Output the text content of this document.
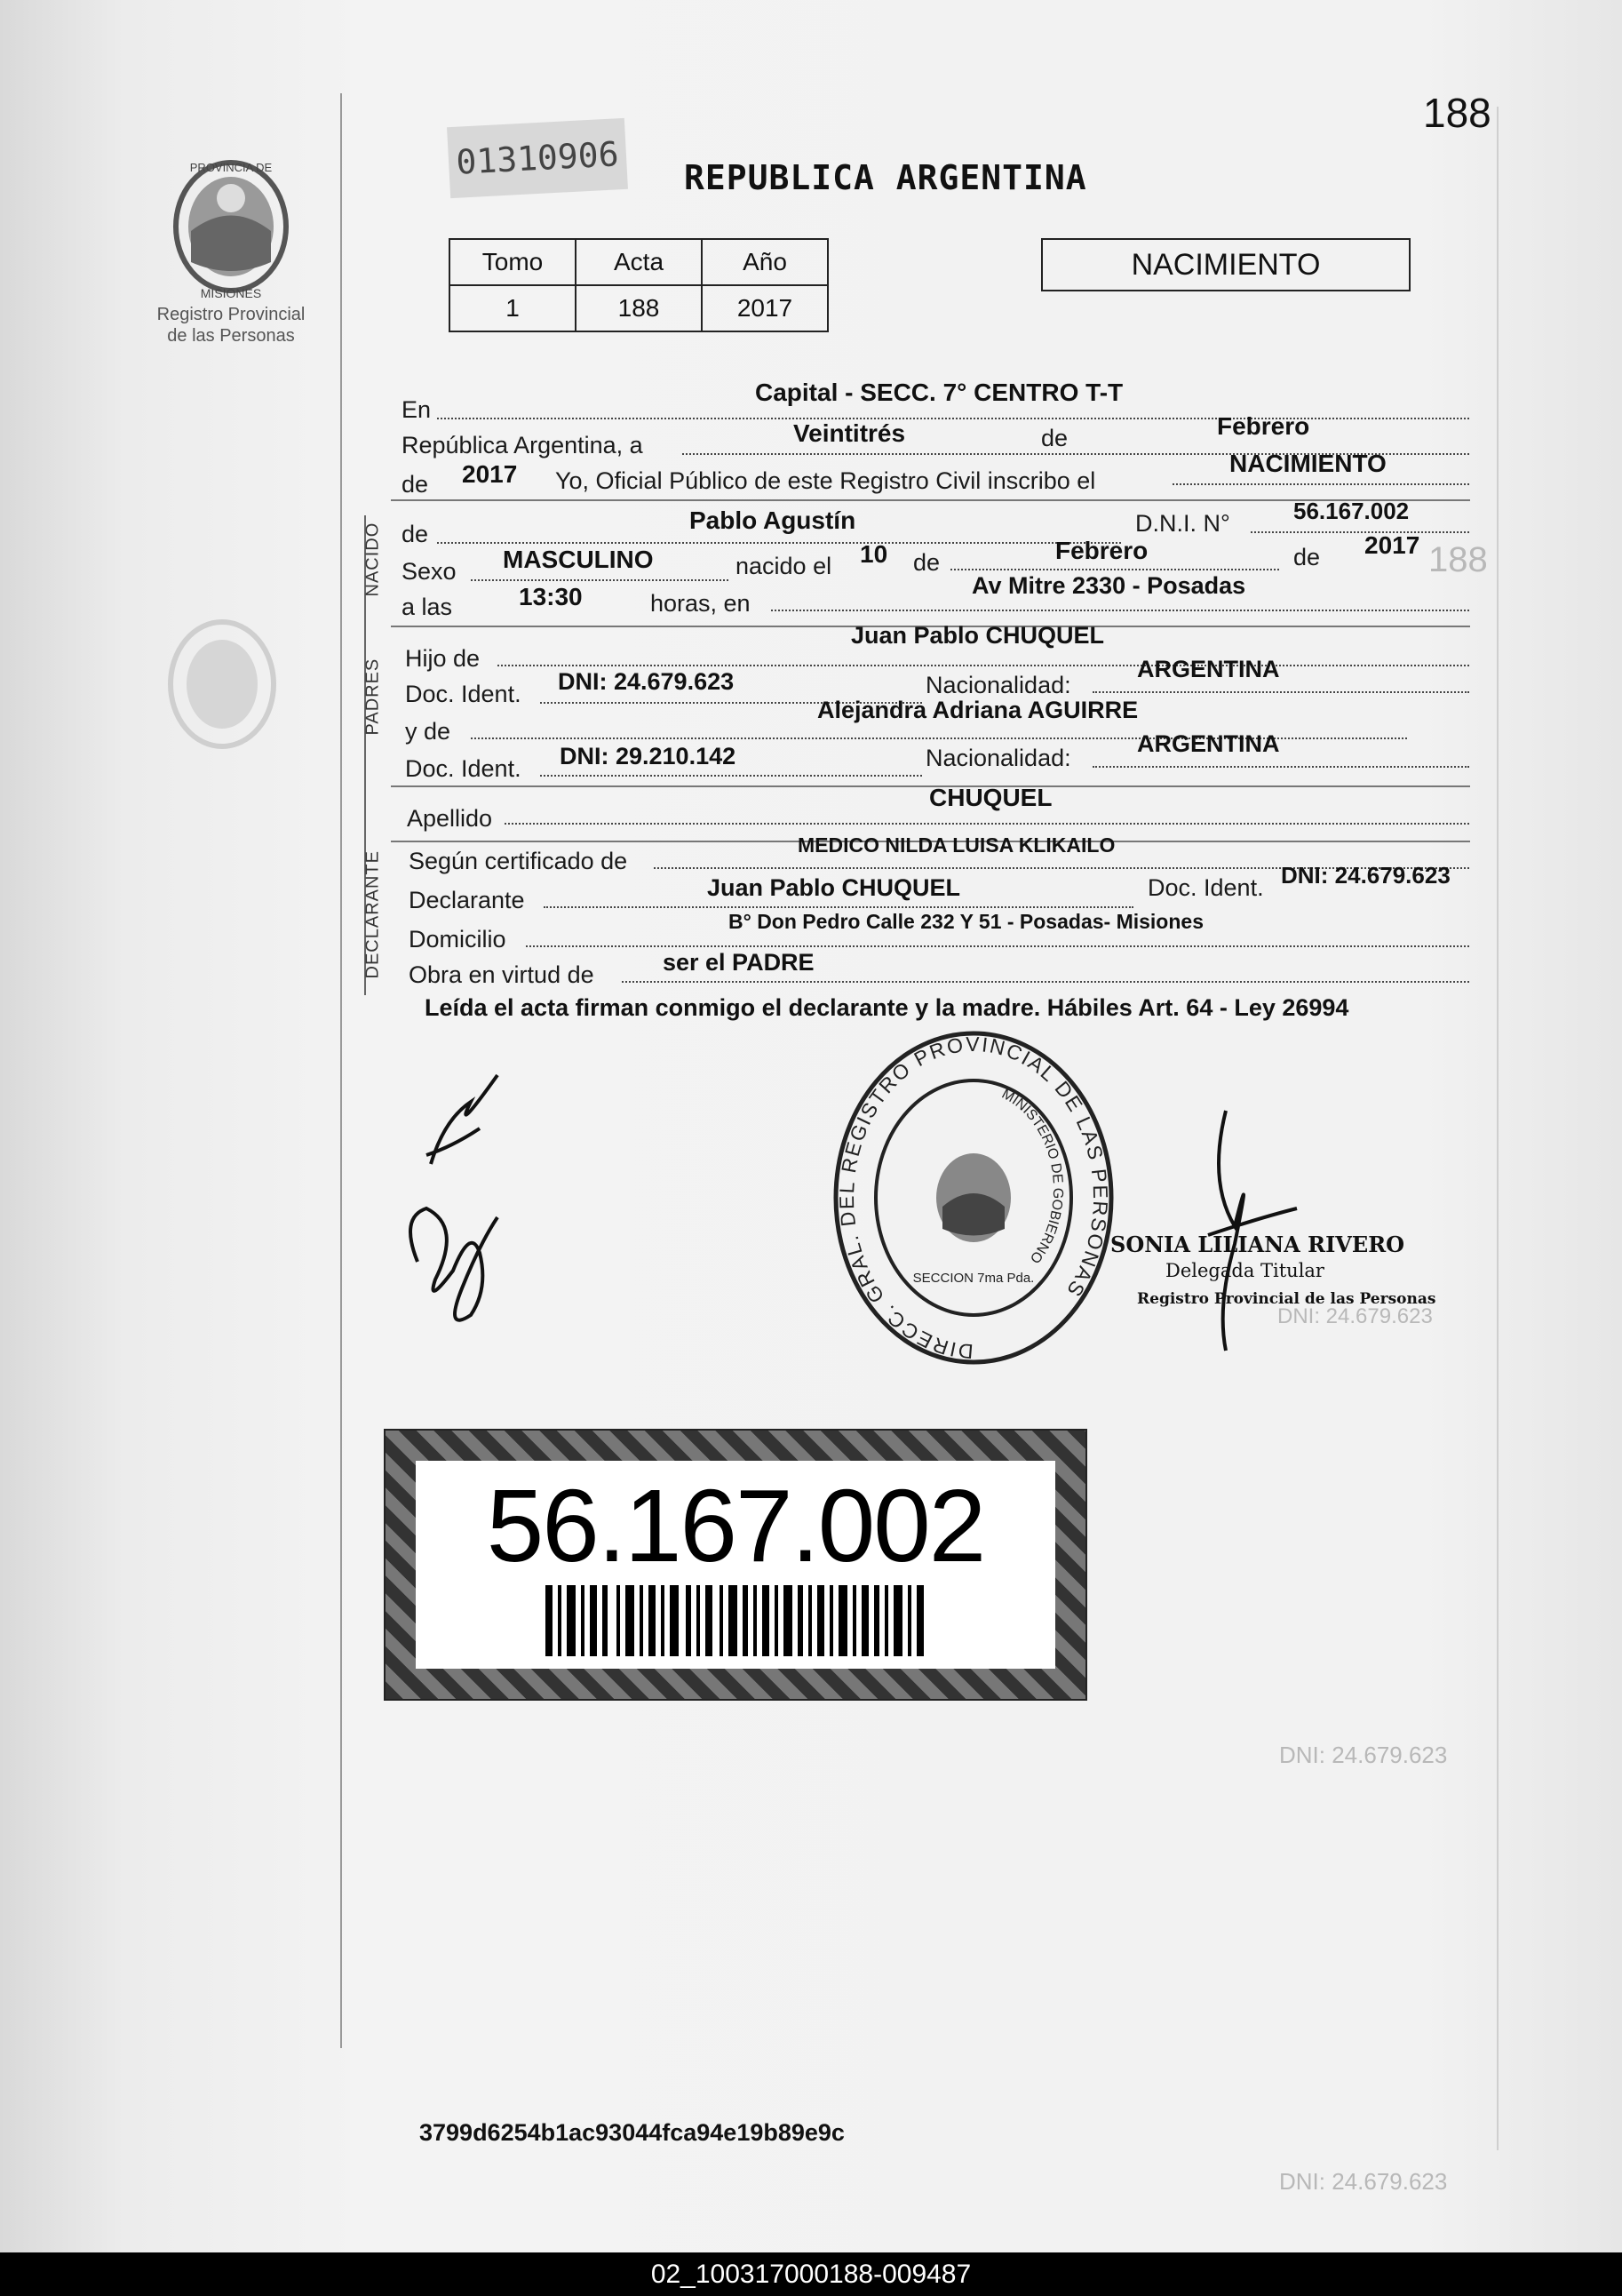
188
PROVINCIA DE
MISIONES
Registro Provincial
de las Personas
01310906 REPUBLICA ARGENTINA
Tomo	Acta	Año
1	188	2017
NACIMIENTO
En
Capital - SECC. 7° CENTRO T-T
República Argentina, a	Veintitrés	de	Febrero
de 2017 Yo, Oficial Público de este Registro Civil inscribo el
NACIMIENTO
NACIDO de	Pablo Agustín	D.N.I. N°	56.167.002
Sexo MASCULINO	nacido el 10 de	Febrero	de 2017 188
a las	13:30	horas, en
Av Mitre 2330 - Posadas
PADRES Hijo de
Juan Pablo CHUQUEL
Doc. Ident. DNI: 24.679.623	Nacionalidad:
ARGENTINA
y de
Alejandra Adriana AGUIRRE
Doc. Ident. DNI: 29.210.142	Nacionalidad:
ARGENTINA
Apellido
CHUQUEL
DECLARANTE Según certificado de
MEDICO NILDA LUISA KLIKAILO
Declarante	Juan Pablo CHUQUEL	Doc. Ident. DNI: 24.679.623
Domicilio
B° Don Pedro Calle 232 Y 51 - Posadas- Misiones
Obra en virtud de	ser el PADRE
Leída el acta firman conmigo el declarante y la madre. Hábiles Art. 64 - Ley 26994
DIRECC. GRAL. DEL REGISTRO PROVINCIAL DE LAS PERSONAS
MINISTERIO DE GOBIERNO
SECCION 7ma Pda.
SONIA LILIANA RIVERO
Delegada Titular
Registro Provincial de las Personas
DNI: 24.679.623
56.167.002
DNI: 24.679.623
DNI: 24.679.623
3799d6254b1ac93044fca94e19b89e9c
02_100317000188-009487
